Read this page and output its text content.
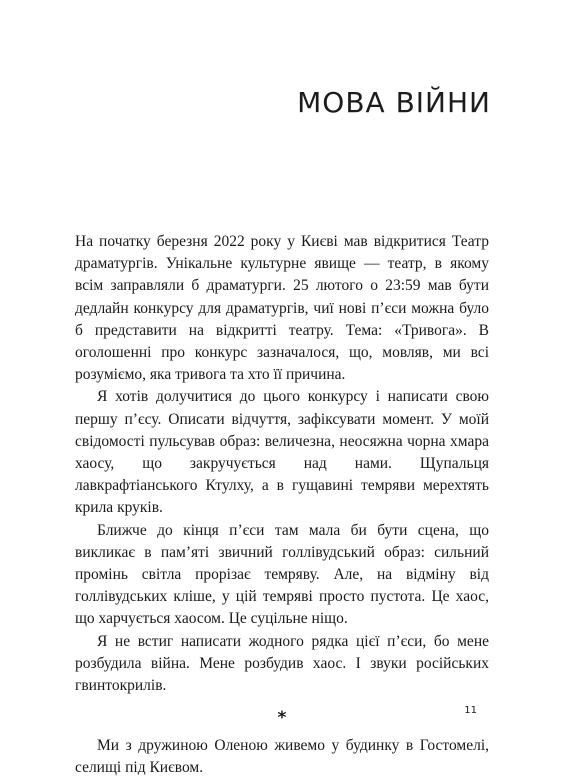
МОВА ВІЙНИ

На початку березня 2022 року у Києві мав відкритися Театр драматургів. Унікальне культурне явище — театр, в якому всім заправляли б драматурги. 25 лютого о 23:59 мав бути дедлайн конкурсу для драматургів, чиї нові п’єси можна було б представити на відкритті театру. Тема: «Тривога». В оголошенні про конкурс зазначалося, що, мовляв, ми всі розуміємо, яка тривога та хто її причина.

Я хотів долучитися до цього конкурсу і написати свою першу п’єсу. Описати відчуття, зафіксувати момент. У моїй свідомості пульсував образ: величезна, неосяжна чорна хмара хаосу, що закручується над нами. Щупальця лавкрафтіанського Ктулху, а в гущавині темряви мерехтять крила круків.

Ближче до кінця п’єси там мала би бути сцена, що викликає в пам’яті звичний голлівудський образ: сильний промінь світла прорізає темряву. Але, на відміну від голлівудських кліше, у цій темряві просто пустота. Це хаос, що харчується хаосом. Це суцільне ніщо.

Я не встиг написати жодного рядка цієї п’єси, бо мене розбудила війна. Мене розбудив хаос. І звуки російських гвинтокрилів.

*

Ми з дружиною Оленою живемо у будинку в Гостомелі, селищі під Києвом.

11
